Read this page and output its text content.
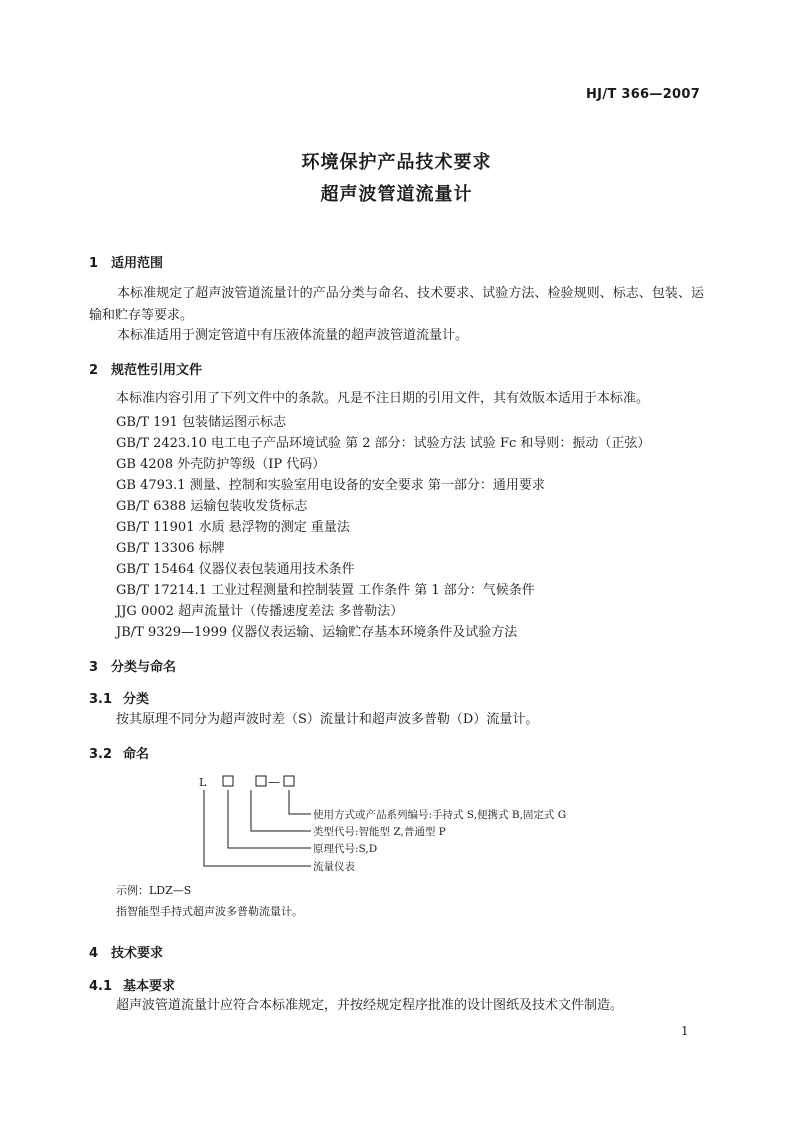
HJ/T 366—2007
环境保护产品技术要求
超声波管道流量计
1 适用范围
本标准规定了超声波管道流量计的产品分类与命名、技术要求、试验方法、检验规则、标志、包装、运输和贮存等要求。
本标准适用于测定管道中有压液体流量的超声波管道流量计。
2 规范性引用文件
本标准内容引用了下列文件中的条款。凡是不注日期的引用文件，其有效版本适用于本标准。
GB/T 191 包装储运图示标志
GB/T 2423.10 电工电子产品环境试验 第 2 部分：试验方法 试验 Fc 和导则：振动（正弦）
GB 4208 外壳防护等级（IP 代码）
GB 4793.1 测量、控制和实验室用电设备的安全要求 第一部分：通用要求
GB/T 6388 运输包装收发货标志
GB/T 11901 水质 悬浮物的测定 重量法
GB/T 13306 标牌
GB/T 15464 仪器仪表包装通用技术条件
GB/T 17214.1 工业过程测量和控制装置 工作条件 第 1 部分：气候条件
JJG 0002 超声流量计（传播速度差法 多普勒法）
JB/T 9329—1999 仪器仪表运输、运输贮存基本环境条件及试验方法
3 分类与命名
3.1 分类
按其原理不同分为超声波时差（S）流量计和超声波多普勒（D）流量计。
3.2 命名
L	—
使用方式或产品系列编号:手持式 S,便携式 B,固定式 G
类型代号:智能型 Z,普通型 P
原理代号:S,D
流量仪表
示例：LDZ—S
指智能型手持式超声波多普勒流量计。
4 技术要求
4.1 基本要求
超声波管道流量计应符合本标准规定，并按经规定程序批准的设计图纸及技术文件制造。
1
